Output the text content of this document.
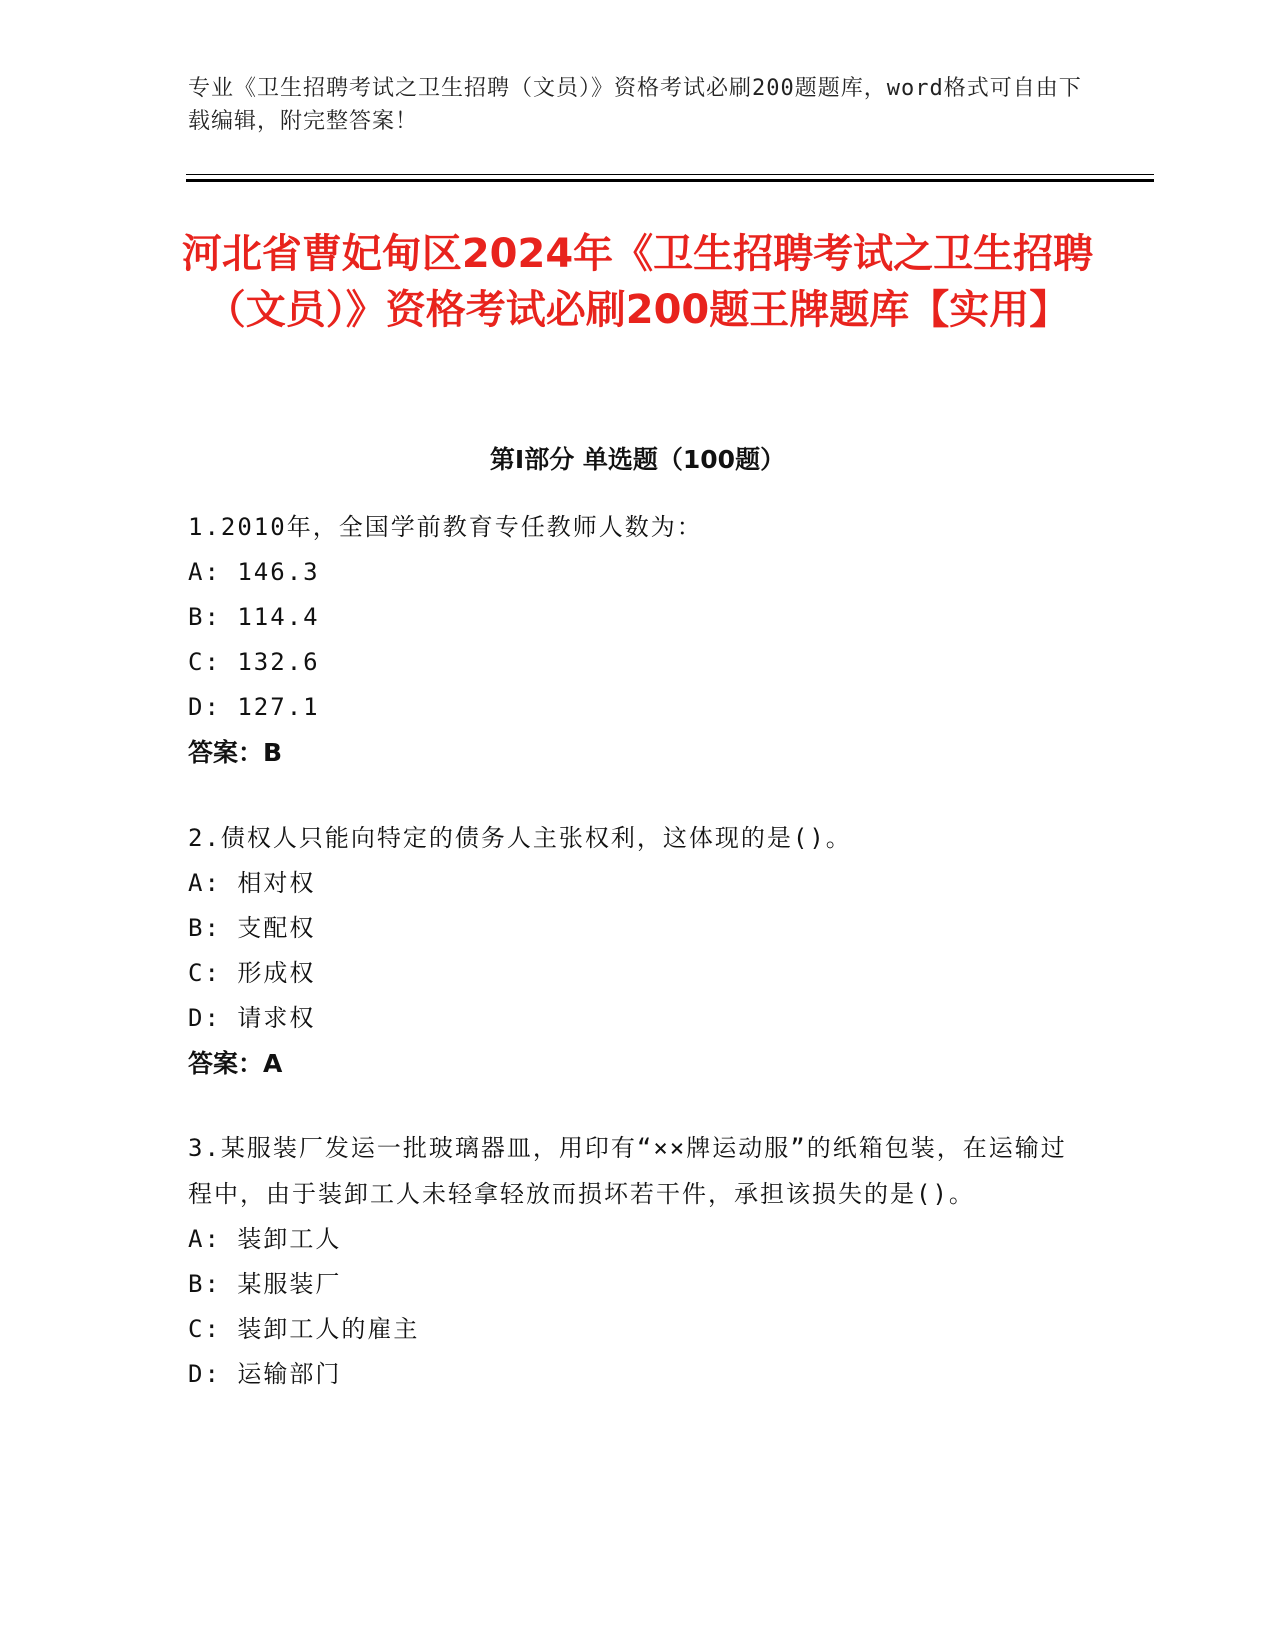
专业《卫生招聘考试之卫生招聘（文员）》资格考试必刷200题题库，word格式可自由下载编辑，附完整答案！
河北省曹妃甸区2024年《卫生招聘考试之卫生招聘（文员）》资格考试必刷200题王牌题库【实用】
第Ⅰ部分 单选题（100题）

1.2010年，全国学前教育专任教师人数为：

A: 146.3

B: 114.4

C: 132.6

D: 127.1

答案：B

2.债权人只能向特定的债务人主张权利，这体现的是()。

A: 相对权

B: 支配权

C: 形成权

D: 请求权

答案：A

3.某服装厂发运一批玻璃器皿，用印有“××牌运动服”的纸箱包装，在运输过程中，由于装卸工人未轻拿轻放而损坏若干件，承担该损失的是()。

A: 装卸工人

B: 某服装厂

C: 装卸工人的雇主

D: 运输部门
